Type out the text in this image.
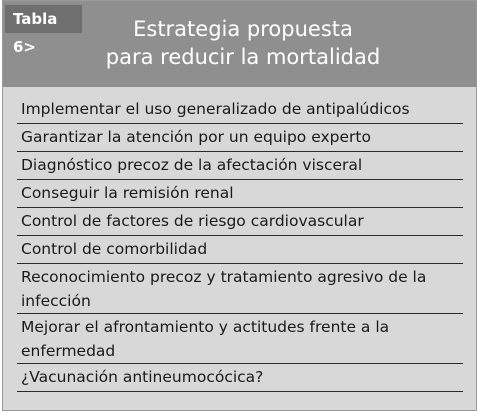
Tabla 6>
Estrategia propuesta
para reducir la mortalidad
Implementar el uso generalizado de antipalúdicos
Garantizar la atención por un equipo experto
Diagnóstico precoz de la afectación visceral
Conseguir la remisión renal
Control de factores de riesgo cardiovascular
Control de comorbilidad
Reconocimiento precoz y tratamiento agresivo de la infección
Mejorar el afrontamiento y actitudes frente a la enfermedad
¿Vacunación antineumocócica?
